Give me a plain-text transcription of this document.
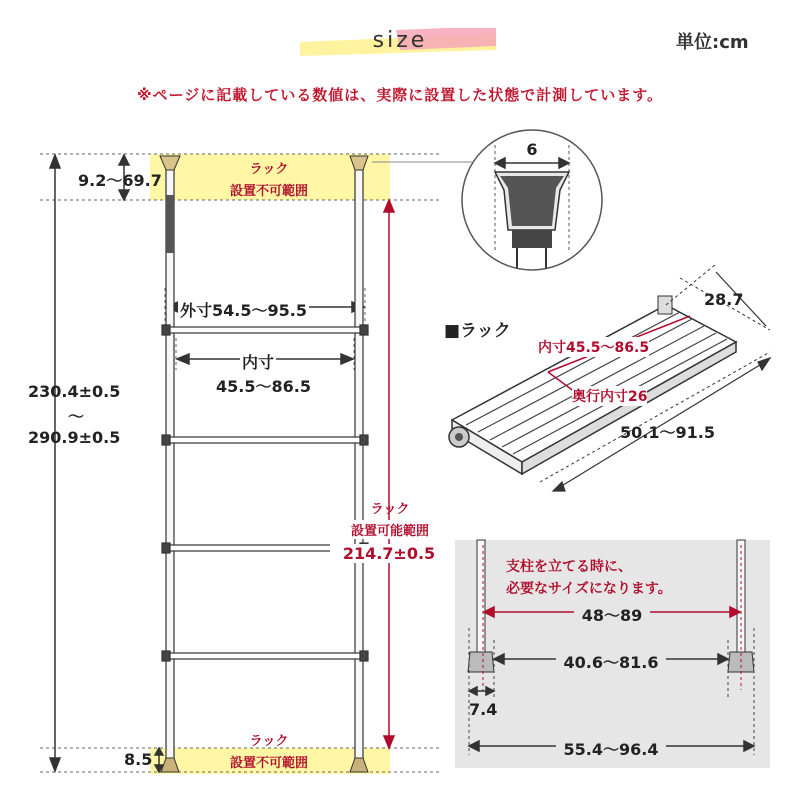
size	単位:cm
※ページに記載している数値は、実際に設置した状態で計測しています。
ラック
設置不可範囲
9.2〜69.7
外寸54.5〜95.5
内寸
45.5〜86.5
230.4±0.5
〜
290.9±0.5
ラック
設置可能範囲
214.7±0.5
ラック
設置不可範囲
8.5
6
■ラック
28.7
内寸45.5〜86.5
奥行内寸26
50.1〜91.5
支柱を立てる時に、
必要なサイズになります。
48〜89
40.6〜81.6
7.4
55.4〜96.4
